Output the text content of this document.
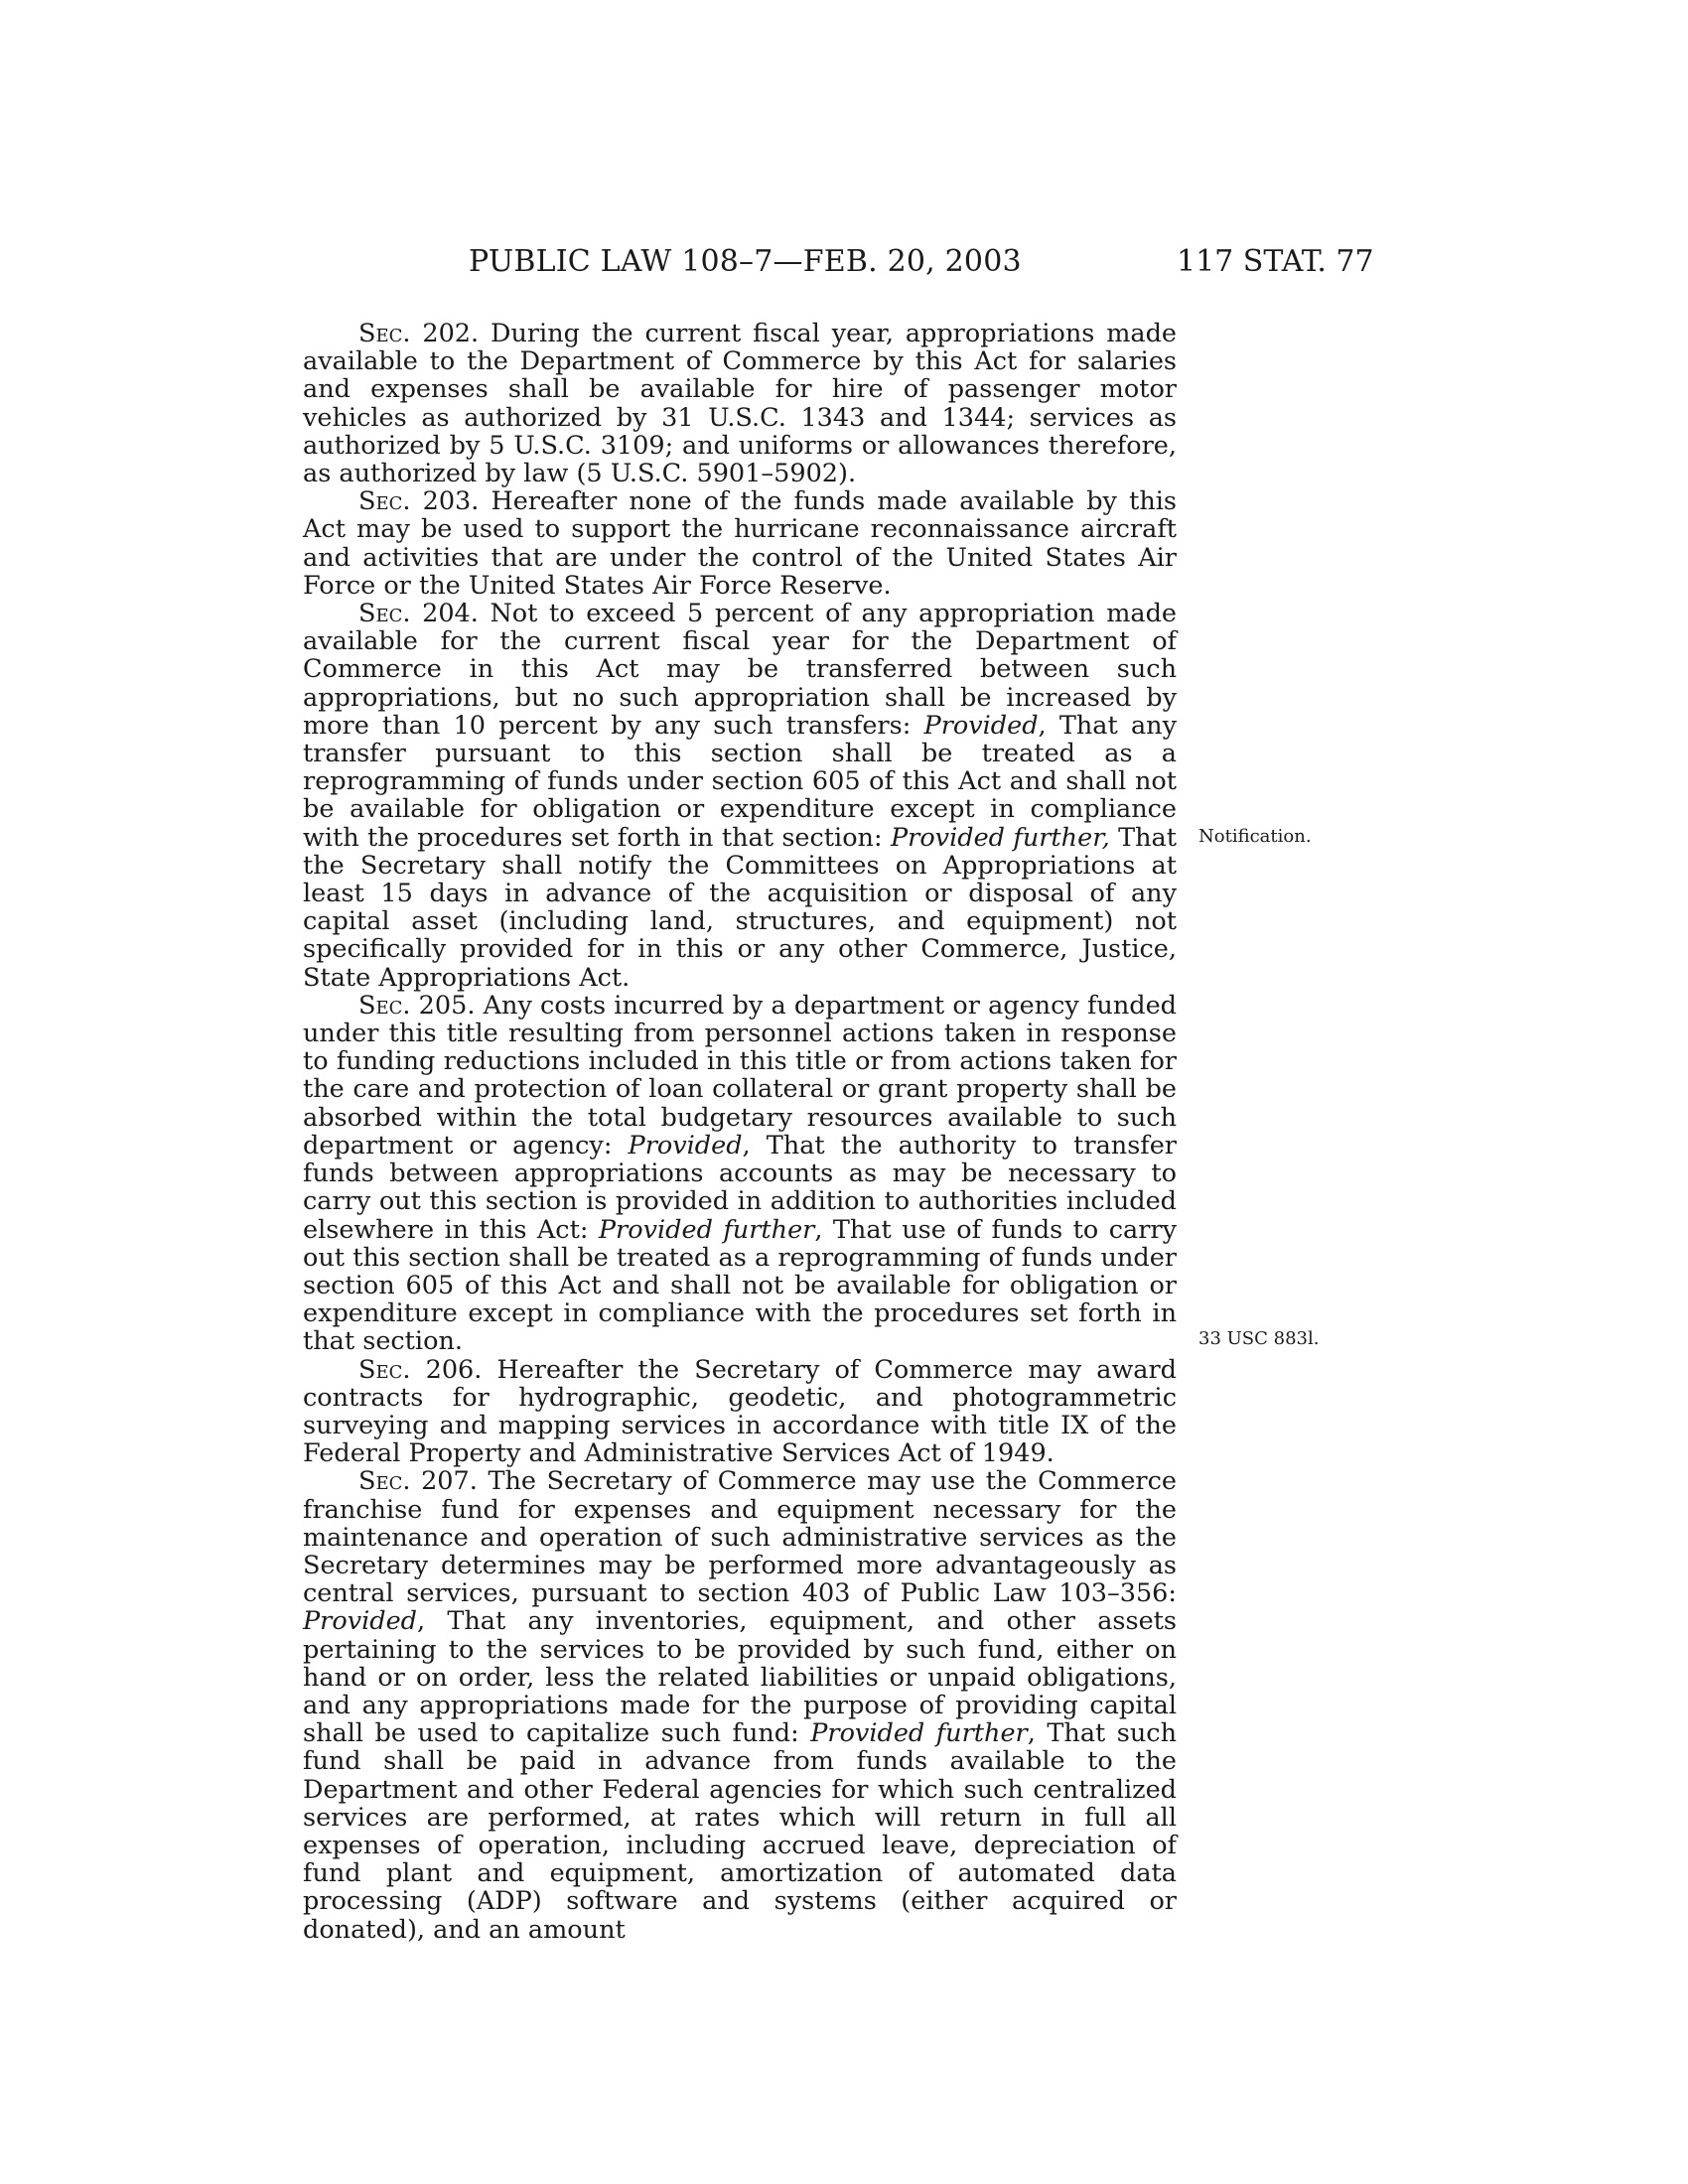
PUBLIC LAW 108–7—FEB. 20, 2003	117 STAT. 77

Sec. 202. During the current fiscal year, appropriations made available to the Department of Commerce by this Act for salaries and expenses shall be available for hire of passenger motor vehicles as authorized by 31 U.S.C. 1343 and 1344; services as authorized by 5 U.S.C. 3109; and uniforms or allowances therefore, as authorized by law (5 U.S.C. 5901–5902).

Sec. 203. Hereafter none of the funds made available by this Act may be used to support the hurricane reconnaissance aircraft and activities that are under the control of the United States Air Force or the United States Air Force Reserve.

Sec. 204. Not to exceed 5 percent of any appropriation made available for the current fiscal year for the Department of Commerce in this Act may be transferred between such appropriations, but no such appropriation shall be increased by more than 10 percent by any such transfers: Provided, That any transfer pursuant to this section shall be treated as a reprogramming of funds under section 605 of this Act and shall not be available for obligation or expenditure except in compliance with the procedures set forth in that section: Provided further, That the Secretary shall notify the Committees on Appropriations at least 15 days in advance of the acquisition or disposal of any capital asset (including land, structures, and equipment) not specifically provided for in this or any other Commerce, Justice, State Appropriations Act.

Sec. 205. Any costs incurred by a department or agency funded under this title resulting from personnel actions taken in response to funding reductions included in this title or from actions taken for the care and protection of loan collateral or grant property shall be absorbed within the total budgetary resources available to such department or agency: Provided, That the authority to transfer funds between appropriations accounts as may be necessary to carry out this section is provided in addition to authorities included elsewhere in this Act: Provided further, That use of funds to carry out this section shall be treated as a reprogramming of funds under section 605 of this Act and shall not be available for obligation or expenditure except in compliance with the procedures set forth in that section.

Sec. 206. Hereafter the Secretary of Commerce may award contracts for hydrographic, geodetic, and photogrammetric surveying and mapping services in accordance with title IX of the Federal Property and Administrative Services Act of 1949.

Sec. 207. The Secretary of Commerce may use the Commerce franchise fund for expenses and equipment necessary for the maintenance and operation of such administrative services as the Secretary determines may be performed more advantageously as central services, pursuant to section 403 of Public Law 103–356: Provided, That any inventories, equipment, and other assets pertaining to the services to be provided by such fund, either on hand or on order, less the related liabilities or unpaid obligations, and any appropriations made for the purpose of providing capital shall be used to capitalize such fund: Provided further, That such fund shall be paid in advance from funds available to the Department and other Federal agencies for which such centralized services are performed, at rates which will return in full all expenses of operation, including accrued leave, depreciation of fund plant and equipment, amortization of automated data processing (ADP) software and systems (either acquired or donated), and an amount

Notification.
33 USC 883l.
